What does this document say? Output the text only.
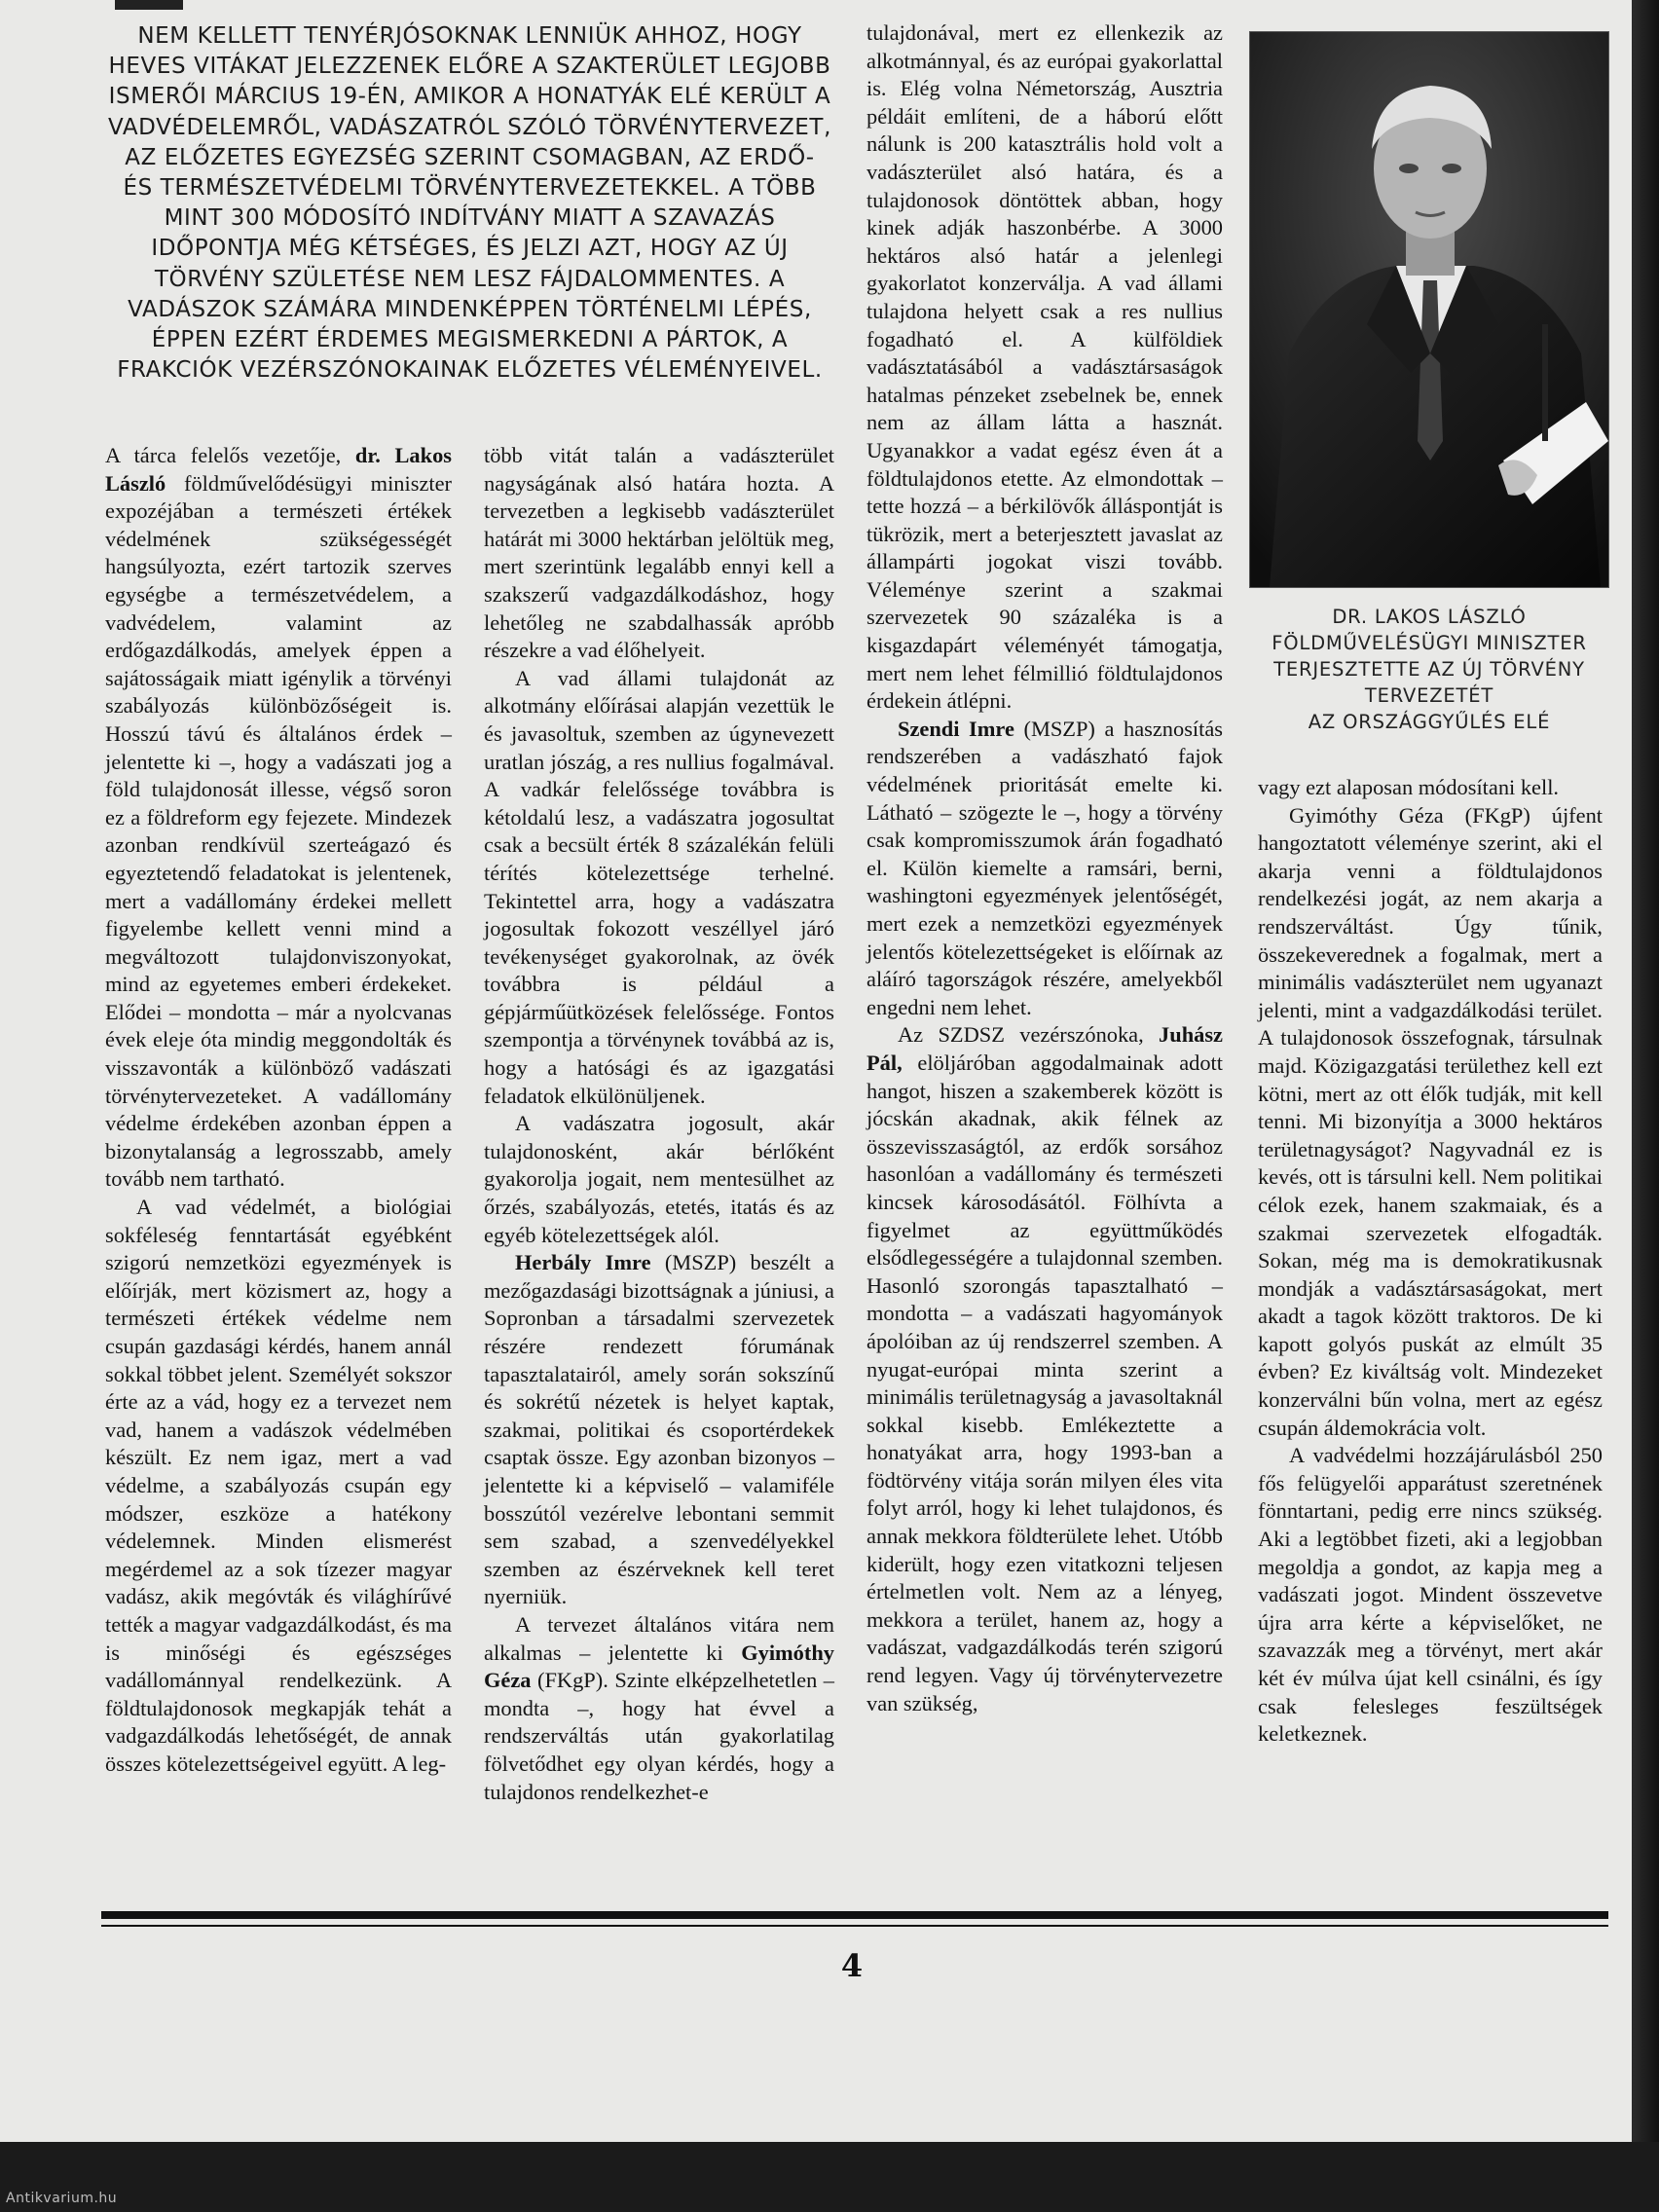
NEM KELLETT TENYÉRJÓSOKNAK LENNIÜK AHHOZ, HOGY HEVES VITÁKAT JELEZZENEK ELŐRE A SZAKTERÜLET LEGJOBB ISMERŐI MÁRCIUS 19-ÉN, AMIKOR A HONATYÁK ELÉ KERÜLT A VADVÉDELEMRŐL, VADÁSZATRÓL SZÓLÓ TÖRVÉNYTERVEZET, AZ ELŐZETES EGYEZSÉG SZERINT CSOMAGBAN, AZ ERDŐ- ÉS TERMÉSZETVÉDELMI TÖRVÉNYTERVEZETEKKEL. A TÖBB MINT 300 MÓDOSÍTÓ INDÍTVÁNY MIATT A SZAVAZÁS IDŐPONTJA MÉG KÉTSÉGES, ÉS JELZI AZT, HOGY AZ ÚJ TÖRVÉNY SZÜLETÉSE NEM LESZ FÁJDALOMMENTES. A VADÁSZOK SZÁMÁRA MINDENKÉPPEN TÖRTÉNELMI LÉPÉS, ÉPPEN EZÉRT ÉRDEMES MEGISMERKEDNI A PÁRTOK, A FRAKCIÓK VEZÉRSZÓNOKAINAK ELŐZETES VÉLEMÉNYEIVEL.

A tárca felelős vezetője, dr. Lakos László földművelődésügyi miniszter expozéjában a természeti értékek védelmének szükségességét hangsúlyozta, ezért tartozik szerves egységbe a természetvédelem, a vadvédelem, valamint az erdőgazdálkodás, amelyek éppen a sajátosságaik miatt igénylik a törvényi szabályozás különbözőségeit is. Hosszú távú és általános érdek – jelentette ki –, hogy a vadászati jog a föld tulajdonosát illesse, végső soron ez a földreform egy fejezete. Mindezek azonban rendkívül szerteágazó és egyeztetendő feladatokat is jelentenek, mert a vadállomány érdekei mellett figyelembe kellett venni mind a megváltozott tulajdonviszonyokat, mind az egyetemes emberi érdekeket. Elődei – mondotta – már a nyolcvanas évek eleje óta mindig meggondolták és visszavonták a különböző vadászati törvénytervezeteket. A vadállomány védelme érdekében azonban éppen a bizonytalanság a legrosszabb, amely tovább nem tartható.

A vad védelmét, a biológiai sokféleség fenntartását egyébként szigorú nemzetközi egyezmények is előírják, mert közismert az, hogy a természeti értékek védelme nem csupán gazdasági kérdés, hanem annál sokkal többet jelent. Személyét sokszor érte az a vád, hogy ez a tervezet nem vad, hanem a vadászok védelmében készült. Ez nem igaz, mert a vad védelme, a szabályozás csupán egy módszer, eszköze a hatékony védelemnek. Minden elismerést megérdemel az a sok tízezer magyar vadász, akik megóvták és világhírűvé tették a magyar vadgazdálkodást, és ma is minőségi és egészséges vadállománnyal rendelkezünk. A földtulajdonosok megkapják tehát a vadgazdálkodás lehetőségét, de annak összes kötelezettségeivel együtt. A leg-

több vitát talán a vadászterület nagyságának alsó határa hozta. A tervezetben a legkisebb vadászterület határát mi 3000 hektárban jelöltük meg, mert szerintünk legalább ennyi kell a szakszerű vadgazdálkodáshoz, hogy lehetőleg ne szabdalhassák apróbb részekre a vad élőhelyeit.

A vad állami tulajdonát az alkotmány előírásai alapján vezettük le és javasoltuk, szemben az úgynevezett uratlan jószág, a res nullius fogalmával. A vadkár felelőssége továbbra is kétoldalú lesz, a vadászatra jogosultat csak a becsült érték 8 százalékán felüli térítés kötelezettsége terhelné. Tekintettel arra, hogy a vadászatra jogosultak fokozott veszéllyel járó tevékenységet gyakorolnak, az övék továbbra is például a gépjárműütközések felelőssége. Fontos szempontja a törvénynek továbbá az is, hogy a hatósági és az igazgatási feladatok elkülönüljenek.

A vadászatra jogosult, akár tulajdonosként, akár bérlőként gyakorolja jogait, nem mentesülhet az őrzés, szabályozás, etetés, itatás és az egyéb kötelezettségek alól.

Herbály Imre (MSZP) beszélt a mezőgazdasági bizottságnak a júniusi, a Sopronban a társadalmi szervezetek részére rendezett fórumának tapasztalatairól, amely során sokszínű és sokrétű nézetek is helyet kaptak, szakmai, politikai és csoportérdekek csaptak össze. Egy azonban bizonyos – jelentette ki a képviselő – valamiféle bosszútól vezérelve lebontani semmit sem szabad, a szenvedélyekkel szemben az észérveknek kell teret nyerniük.

A tervezet általános vitára nem alkalmas – jelentette ki Gyimóthy Géza (FKgP). Szinte elképzelhetetlen – mondta –, hogy hat évvel a rendszerváltás után gyakorlatilag fölvetődhet egy olyan kérdés, hogy a tulajdonos rendelkezhet-e

tulajdonával, mert ez ellenkezik az alkotmánnyal, és az európai gyakorlattal is. Elég volna Németország, Ausztria példáit említeni, de a háború előtt nálunk is 200 katasztrális hold volt a vadászterület alsó határa, és a tulajdonosok döntöttek abban, hogy kinek adják haszonbérbe. A 3000 hektáros alsó határ a jelenlegi gyakorlatot konzerválja. A vad állami tulajdona helyett csak a res nullius fogadható el. A külföldiek vadásztatásából a vadásztársaságok hatalmas pénzeket zsebelnek be, ennek nem az állam látta a hasznát. Ugyanakkor a vadat egész éven át a földtulajdonos etette. Az elmondottak – tette hozzá – a bérkilövők álláspontját is tükrözik, mert a beterjesztett javaslat az állampárti jogokat viszi tovább. Véleménye szerint a szakmai szervezetek 90 százaléka is a kisgazdapárt véleményét támogatja, mert nem lehet félmillió földtulajdonos érdekein átlépni.

Szendi Imre (MSZP) a hasznosítás rendszerében a vadászható fajok védelmének prioritását emelte ki. Látható – szögezte le –, hogy a törvény csak kompromisszumok árán fogadható el. Külön kiemelte a ramsári, berni, washingtoni egyezmények jelentőségét, mert ezek a nemzetközi egyezmények jelentős kötelezettségeket is előírnak az aláíró tagországok részére, amelyekből engedni nem lehet.

Az SZDSZ vezérszónoka, Juhász Pál, elöljáróban aggodalmainak adott hangot, hiszen a szakemberek között is jócskán akadnak, akik félnek az összevisszaságtól, az erdők sorsához hasonlóan a vadállomány és természeti kincsek károsodásától. Fölhívta a figyelmet az együttműködés elsődlegességére a tulajdonnal szemben. Hasonló szorongás tapasztalható – mondotta – a vadászati hagyományok ápolóiban az új rendszerrel szemben. A nyugat-európai minta szerint a minimális területnagyság a javasoltaknál sokkal kisebb. Emlékeztette a honatyákat arra, hogy 1993-ban a födtörvény vitája során milyen éles vita folyt arról, hogy ki lehet tulajdonos, és annak mekkora földterülete lehet. Utóbb kiderült, hogy ezen vitatkozni teljesen értelmetlen volt. Nem az a lényeg, mekkora a terület, hanem az, hogy a vadászat, vadgazdálkodás terén szigorú rend legyen. Vagy új törvénytervezetre van szükség,

DR. LAKOS LÁSZLÓ
FÖLDMŰVELÉSÜGYI MINISZTER
TERJESZTETTE AZ ÚJ TÖRVÉNY
TERVEZETÉT
AZ ORSZÁGGYŰLÉS ELÉ

vagy ezt alaposan módosítani kell.

Gyimóthy Géza (FKgP) újfent hangoztatott véleménye szerint, aki el akarja venni a földtulajdonos rendelkezési jogát, az nem akarja a rendszerváltást. Úgy tűnik, összekeverednek a fogalmak, mert a minimális vadászterület nem ugyanazt jelenti, mint a vadgazdálkodási terület. A tulajdonosok összefognak, társulnak majd. Közigazgatási területhez kell ezt kötni, mert az ott élők tudják, mit kell tenni. Mi bizonyítja a 3000 hektáros területnagyságot? Nagyvadnál ez is kevés, ott is társulni kell. Nem politikai célok ezek, hanem szakmaiak, és a szakmai szervezetek elfogadták. Sokan, még ma is demokratikusnak mondják a vadásztársaságokat, mert akadt a tagok között traktoros. De ki kapott golyós puskát az elmúlt 35 évben? Ez kiváltság volt. Mindezeket konzerválni bűn volna, mert az egész csupán áldemokrácia volt.

A vadvédelmi hozzájárulásból 250 fős felügyelői apparátust szeretnének fönntartani, pedig erre nincs szükség. Aki a legtöbbet fizeti, aki a legjobban megoldja a gondot, az kapja meg a vadászati jogot. Mindent összevetve újra arra kérte a képviselőket, ne szavazzák meg a törvényt, mert akár két év múlva újat kell csinálni, és így csak felesleges feszültségek keletkeznek.

4
Antikvarium.hu
